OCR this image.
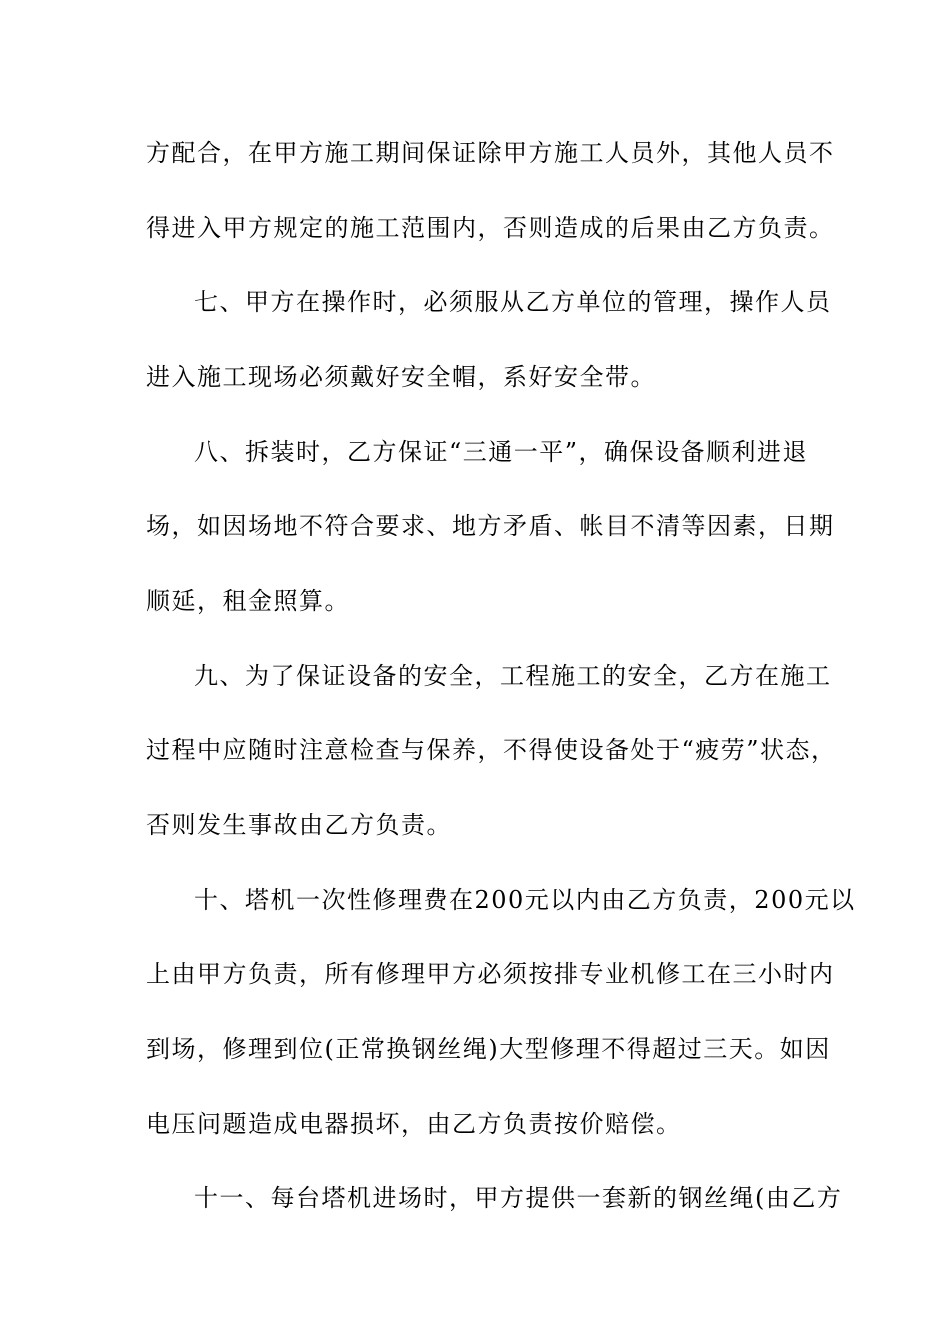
方配合，在甲方施工期间保证除甲方施工人员外，其他人员不
得进入甲方规定的施工范围内，否则造成的后果由乙方负责。
七、甲方在操作时，必须服从乙方单位的管理，操作人员
进入施工现场必须戴好安全帽，系好安全带。
八、拆装时，乙方保证“三通一平”，确保设备顺利进退
场，如因场地不符合要求、地方矛盾、帐目不清等因素，日期
顺延，租金照算。
九、为了保证设备的安全，工程施工的安全，乙方在施工
过程中应随时注意检查与保养，不得使设备处于“疲劳”状态，
否则发生事故由乙方负责。
十、塔机一次性修理费在200元以内由乙方负责，200元以
上由甲方负责，所有修理甲方必须按排专业机修工在三小时内
到场，修理到位(正常换钢丝绳)大型修理不得超过三天。如因
电压问题造成电器损坏，由乙方负责按价赔偿。
十一、每台塔机进场时，甲方提供一套新的钢丝绳(由乙方
